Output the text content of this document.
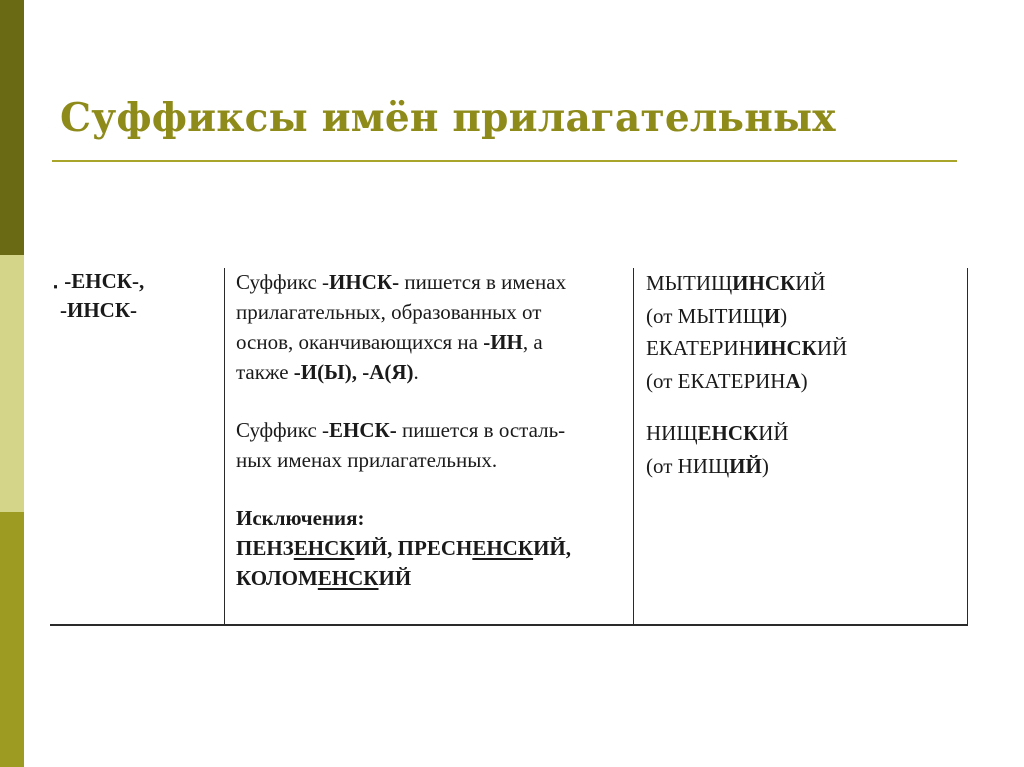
Суффиксы имён прилагательных
․ -ЕНСК-,
-ИНСК-
Суффикс -ИНСК- пишется в именах
прилагательных, образованных от
основ, оканчивающихся на -ИН, а
также -И(Ы), -А(Я).
Суффикс -ЕНСК- пишется в осталь-
ных именах прилагательных.
Исключения:
ПЕНЗЕНСКИЙ, ПРЕСНЕНСКИЙ,
КОЛОМЕНСКИЙ
МЫТИЩИНСКИЙ
(от МЫТИЩИ)
ЕКАТЕРИНИНСКИЙ
(от ЕКАТЕРИНА)
НИЩЕНСКИЙ
(от НИЩИЙ)
